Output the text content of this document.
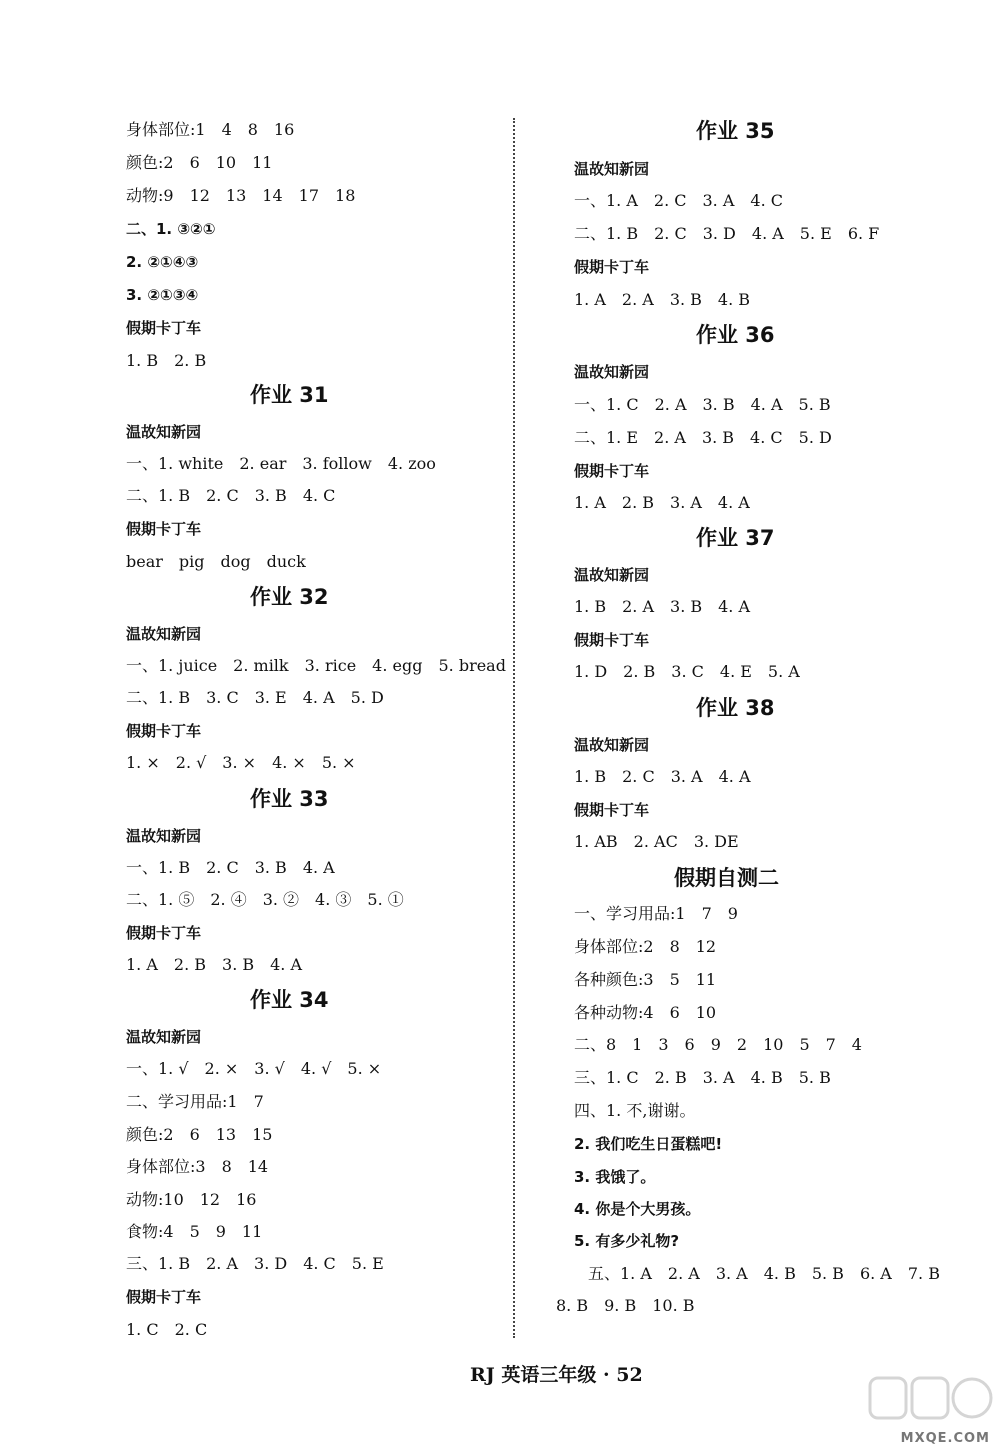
身体部位:1　4　8　16
颜色:2　6　10　11
动物:9　12　13　14　17　18
二、1. ③②①
2. ②①④③
3. ②①③④
假期卡丁车
1. B　2. B
作业 31
温故知新园
一、1. white　2. ear　3. follow　4. zoo
二、1. B　2. C　3. B　4. C
假期卡丁车
bear　pig　dog　duck
作业 32
温故知新园
一、1. juice　2. milk　3. rice　4. egg　5. bread
二、1. B　3. C　3. E　4. A　5. D
假期卡丁车
1. ×　2. √　3. ×　4. ×　5. ×
作业 33
温故知新园
一、1. B　2. C　3. B　4. A
二、1. ⑤　2. ④　3. ②　4. ③　5. ①
假期卡丁车
1. A　2. B　3. B　4. A
作业 34
温故知新园
一、1. √　2. ×　3. √　4. √　5. ×
二、学习用品:1　7
颜色:2　6　13　15
身体部位:3　8　14
动物:10　12　16
食物:4　5　9　11
三、1. B　2. A　3. D　4. C　5. E
假期卡丁车
1. C　2. C
作业 35
温故知新园
一、1. A　2. C　3. A　4. C
二、1. B　2. C　3. D　4. A　5. E　6. F
假期卡丁车
1. A　2. A　3. B　4. B
作业 36
温故知新园
一、1. C　2. A　3. B　4. A　5. B
二、1. E　2. A　3. B　4. C　5. D
假期卡丁车
1. A　2. B　3. A　4. A
作业 37
温故知新园
1. B　2. A　3. B　4. A
假期卡丁车
1. D　2. B　3. C　4. E　5. A
作业 38
温故知新园
1. B　2. C　3. A　4. A
假期卡丁车
1. AB　2. AC　3. DE
假期自测二
一、学习用品:1　7　9
身体部位:2　8　12
各种颜色:3　5　11
各种动物:4　6　10
二、8　1　3　6　9　2　10　5　7　4
三、1. C　2. B　3. A　4. B　5. B
四、1. 不,谢谢。
2. 我们吃生日蛋糕吧!
3. 我饿了。
4. 你是个大男孩。
5. 有多少礼物?
五、1. A　2. A　3. A　4. B　5. B　6. A　7. B
8. B　9. B　10. B
RJ 英语三年级 · 52
MXQE.COM
